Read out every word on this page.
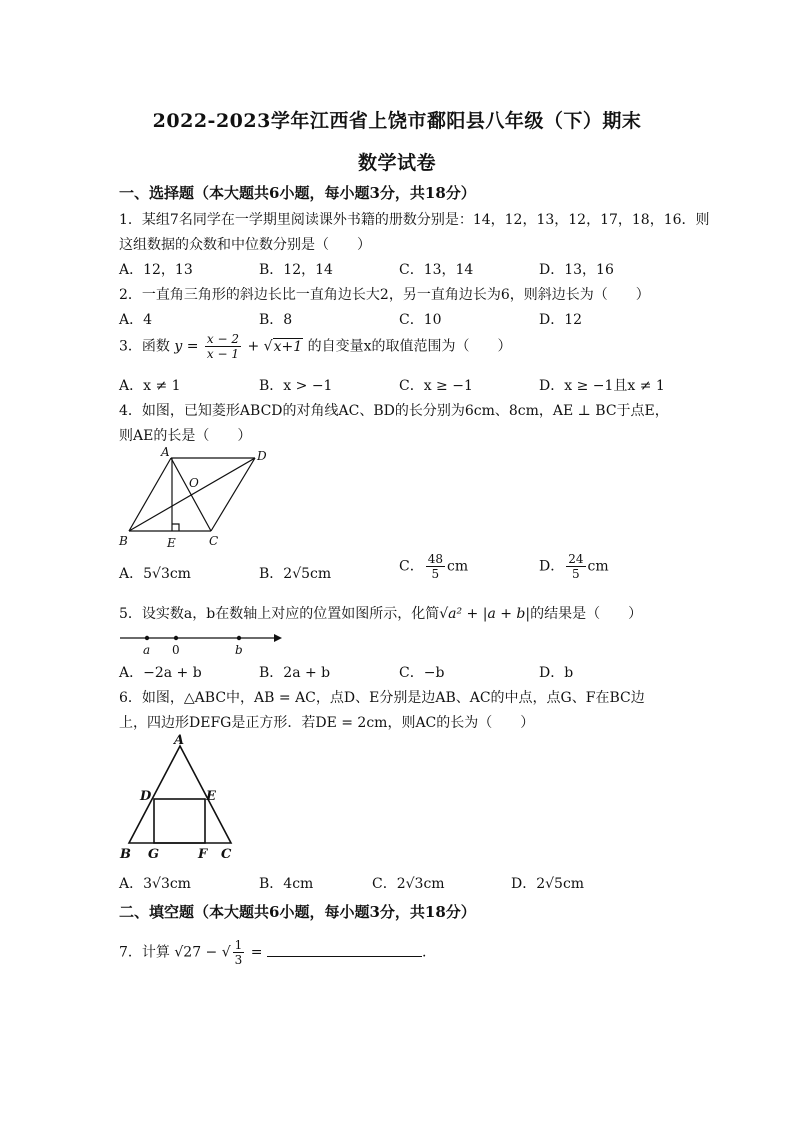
2022-2023学年江西省上饶市鄱阳县八年级（下）期末
数学试卷
一、选择题（本大题共6小题，每小题3分，共18分）
1．某组7名同学在一学期里阅读课外书籍的册数分别是：14，12，13，12，17，18，16．则
这组数据的众数和中位数分别是（　　）
A．12，13	B．12，14	C．13，14	D．13，16
2．一直角三角形的斜边长比一直角边长大2，另一直角边长为6，则斜边长为（　　）
A．4	B．8	C．10	D．12
3．函数 $y = \frac{x - 2}{x - 1} + √x+1$ 的自变量x的取值范围为（　　）
A．x ≠ 1	B．x > −1	C．x ≥ −1	D．x ≥ −1且x ≠ 1
4．如图，已知菱形ABCD的对角线AC、BD的长分别为6cm、8cm，AE ⊥ BC于点E，
则AE的长是（　　）
A	D
O
B	E	C
A．5√3cm	B．2√5cm	C． $\frac{48}{5}$ cm	D． $\frac{24}{5}$ cm
5．设实数a，b在数轴上对应的位置如图所示，化简√a² + |a + b|的结果是（　　）
a 0	b
A．−2a + b	B．2a + b	C．−b	D．b
6．如图，△ABC中，AB = AC，点D、E分别是边AB、AC的中点，点G、F在BC边
上，四边形DEFG是正方形．若DE = 2cm，则AC的长为（　　）
A
D	E
B G	F C
A．3√3cm	B．4cm	C．2√3cm	D．2√5cm
二、填空题（本大题共6小题，每小题3分，共18分）
7．计算 √27 − √ $\frac{1}{3}$ =	.
